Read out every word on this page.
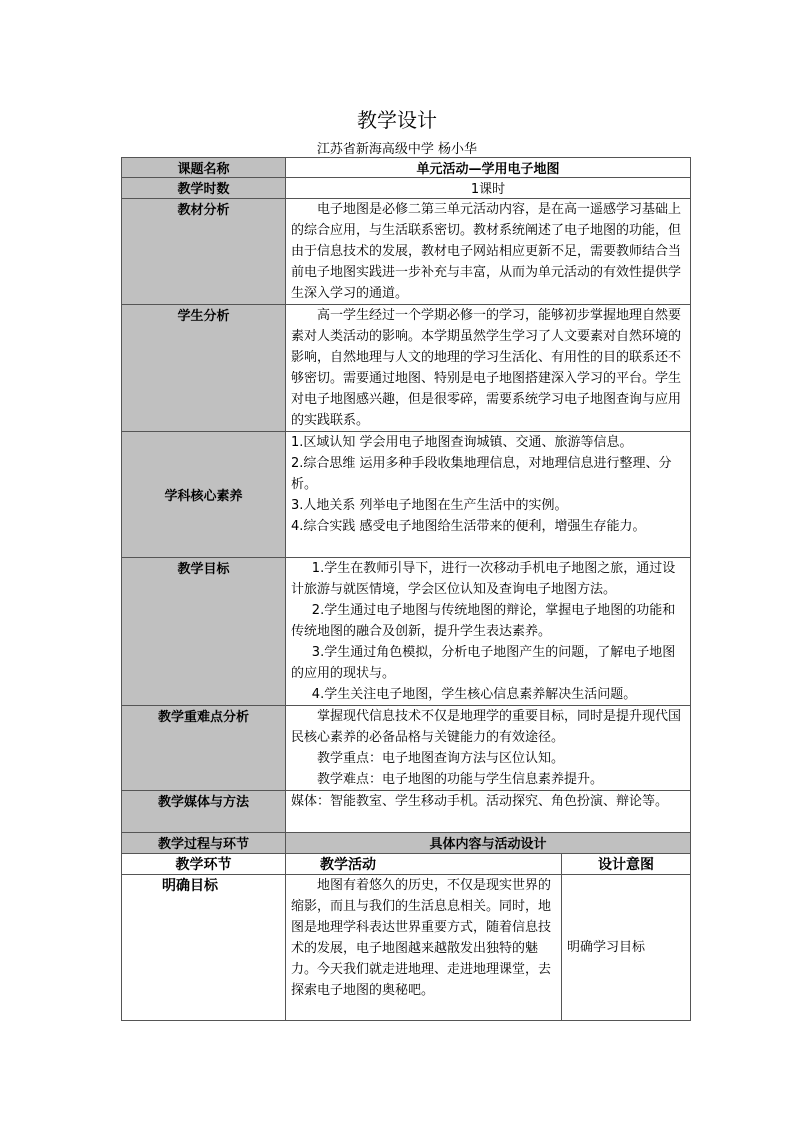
教学设计
江苏省新海高级中学 杨小华
课题名称	单元活动—学用电子地图	
教学时数	1课时	
教材分析	电子地图是必修二第三单元活动内容，是在高一遥感学习基础上的综合应用，与生活联系密切。教材系统阐述了电子地图的功能，但由于信息技术的发展，教材电子网站相应更新不足，需要教师结合当前电子地图实践进一步补充与丰富，从而为单元活动的有效性提供学生深入学习的通道。	

学生分析	高一学生经过一个学期必修一的学习，能够初步掌握地理自然要素对人类活动的影响。本学期虽然学生学习了人文要素对自然环境的影响，自然地理与人文的地理的学习生活化、有用性的目的联系还不够密切。需要通过地图、特别是电子地图搭建深入学习的平台。学生对电子地图感兴趣，但是很零碎，需要系统学习电子地图查询与应用的实践联系。	

学科核心素养	1.区域认知 学会用电子地图查询城镇、交通、旅游等信息。

2.综合思维 运用多种手段收集地理信息，对地理信息进行整理、分析。

3.人地关系 列举电子地图在生产生活中的实例。

4.综合实践 感受电子地图给生活带来的便利，增强生存能力。	

教学目标	1.学生在教师引导下，进行一次移动手机电子地图之旅，通过设计旅游与就医情境，学会区位认知及查询电子地图方法。

2.学生通过电子地图与传统地图的辩论，掌握电子地图的功能和传统地图的融合及创新，提升学生表达素养。

3.学生通过角色模拟，分析电子地图产生的问题，了解电子地图的应用的现状与。

4.学生关注电子地图，学生核心信息素养解决生活问题。	

教学重难点分析	掌握现代信息技术不仅是地理学的重要目标，同时是提升现代国民核心素养的必备品格与关键能力的有效途径。

教学重点：电子地图查询方法与区位认知。

教学难点：电子地图的功能与学生信息素养提升。	

教学媒体与方法	媒体：智能教室、学生移动手机。活动探究、角色扮演、辩论等。	

教学过程与环节	具体内容与活动设计	
教学环节	教学活动	设计意图
明确目标	地图有着悠久的历史，不仅是现实世界的缩影，而且与我们的生活息息相关。同时，地图是地理学科表达世界重要方式，随着信息技术的发展，电子地图越来越散发出独特的魅力。今天我们就走进地理、走进地理课堂，去探索电子地图的奥秘吧。	明确学习目标
